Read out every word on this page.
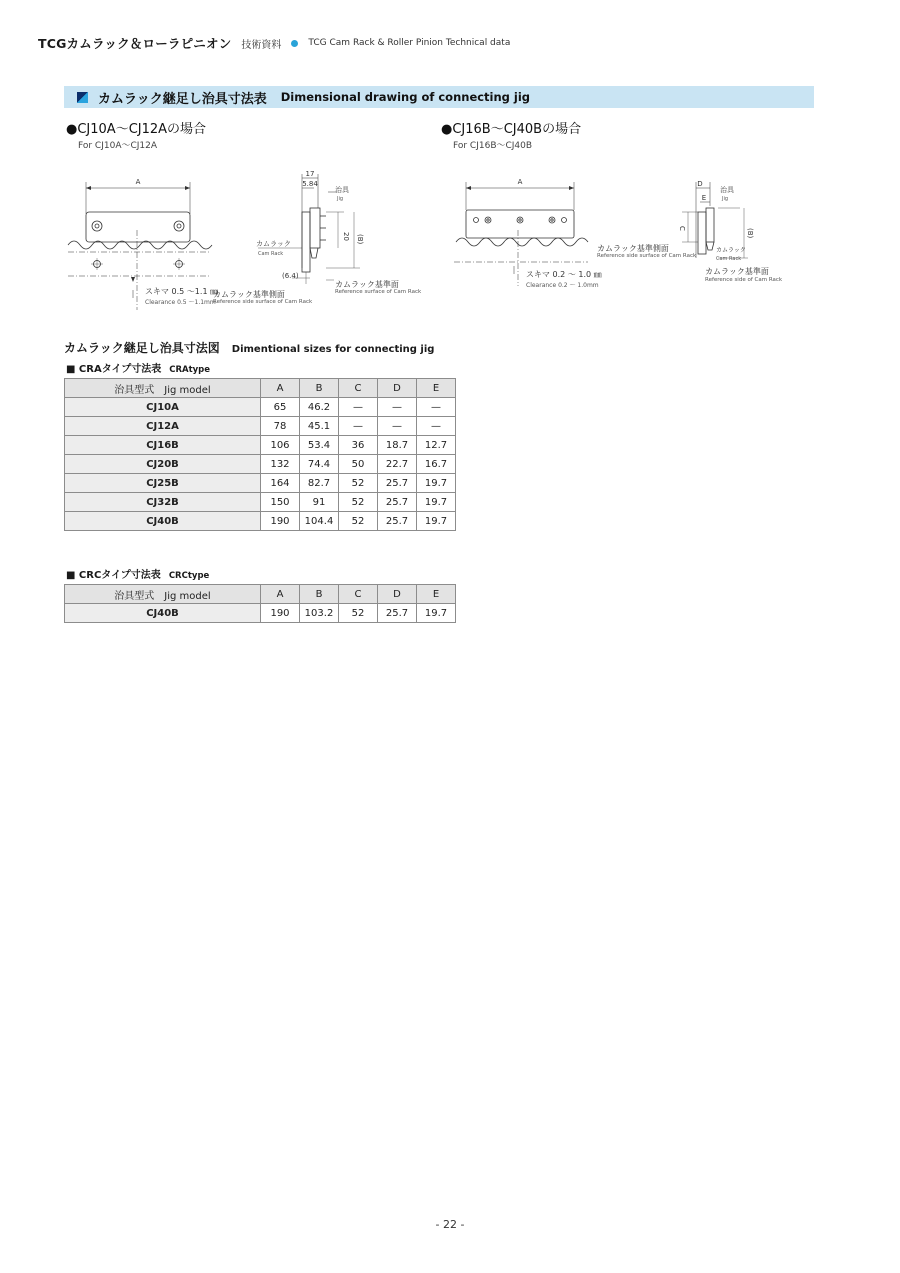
TCGカムラック＆ローラピニオン 技術資料	TCG Cam Rack & Roller Pinion Technical data
カムラック継足し治具寸法表 Dimensional drawing of connecting jig
●CJ10A〜CJ12Aの場合
For CJ10A〜CJ12A
●CJ16B〜CJ40Bの場合
For CJ16B〜CJ40B
A
スキマ 0.5 〜1.1 ㎜
Clearance 0.5 〜1.1mm
17
5.84
治具
Jig
20 (B)
カムラック
Cam Rack
(6.4)
カムラック基準側面
Reference side surface of Cam Rack
カムラック基準面
Reference surface of Cam Rack
A
スキマ 0.2 〜 1.0 ㎜
Clearance 0.2 〜 1.0mm
D
E
治具
Jig
C	(B)
カムラック
Cam Rack
カムラック基準側面
Reference side surface of Cam Rack
カムラック基準面
Reference side of Cam Rack
カムラック継足し治具寸法図 Dimentional sizes for connecting jig
■ CRAタイプ寸法表 CRAtype
治具型式　Jig model	A	B	C	D	E
CJ10A	65	46.2	—	—	—
CJ12A	78	45.1	—	—	—
CJ16B	106	53.4	36	18.7	12.7
CJ20B	132	74.4	50	22.7	16.7
CJ25B	164	82.7	52	25.7	19.7
CJ32B	150	91	52	25.7	19.7
CJ40B	190	104.4	52	25.7	19.7
■ CRCタイプ寸法表 CRCtype
治具型式　Jig model	A	B	C	D	E
CJ40B	190	103.2	52	25.7	19.7
- 22 -
